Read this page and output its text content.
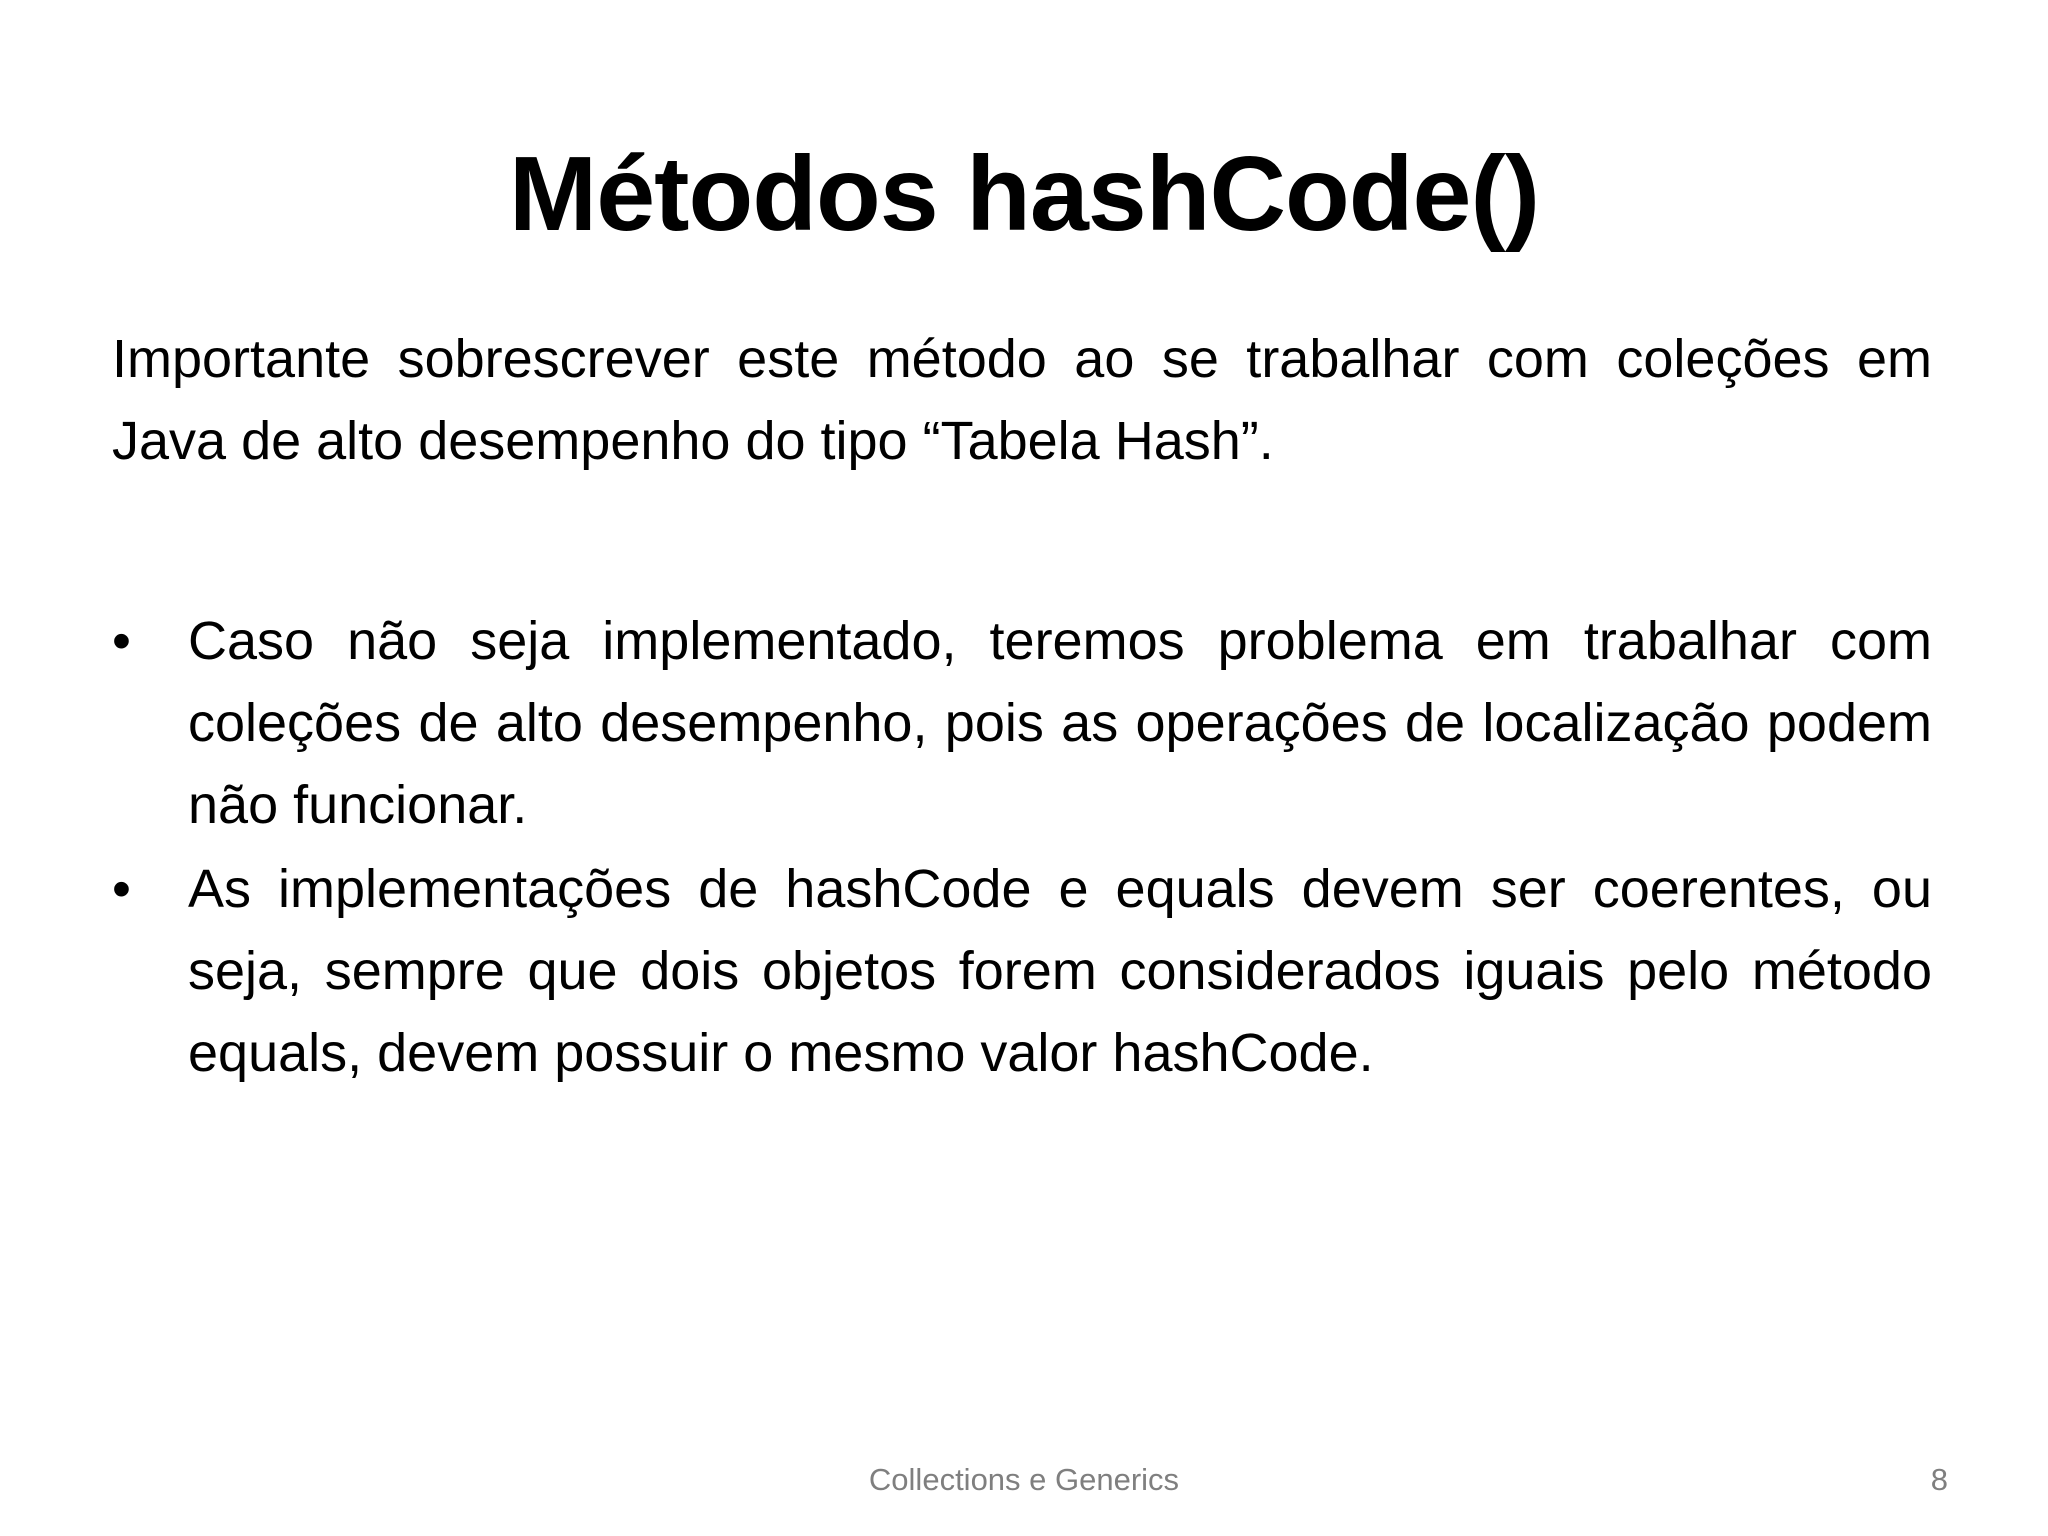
Métodos hashCode()

Importante sobrescrever este método ao se trabalhar com coleções em Java de alto desempenho do tipo “Tabela Hash”.

•	Caso não seja implementado, teremos problema em trabalhar com coleções de alto desempenho, pois as operações de localização podem não funcionar.
•	As implementações de hashCode e equals devem ser coerentes, ou seja, sempre que dois objetos forem considerados iguais pelo método equals, devem possuir o mesmo valor hashCode.
Collections e Generics	8
